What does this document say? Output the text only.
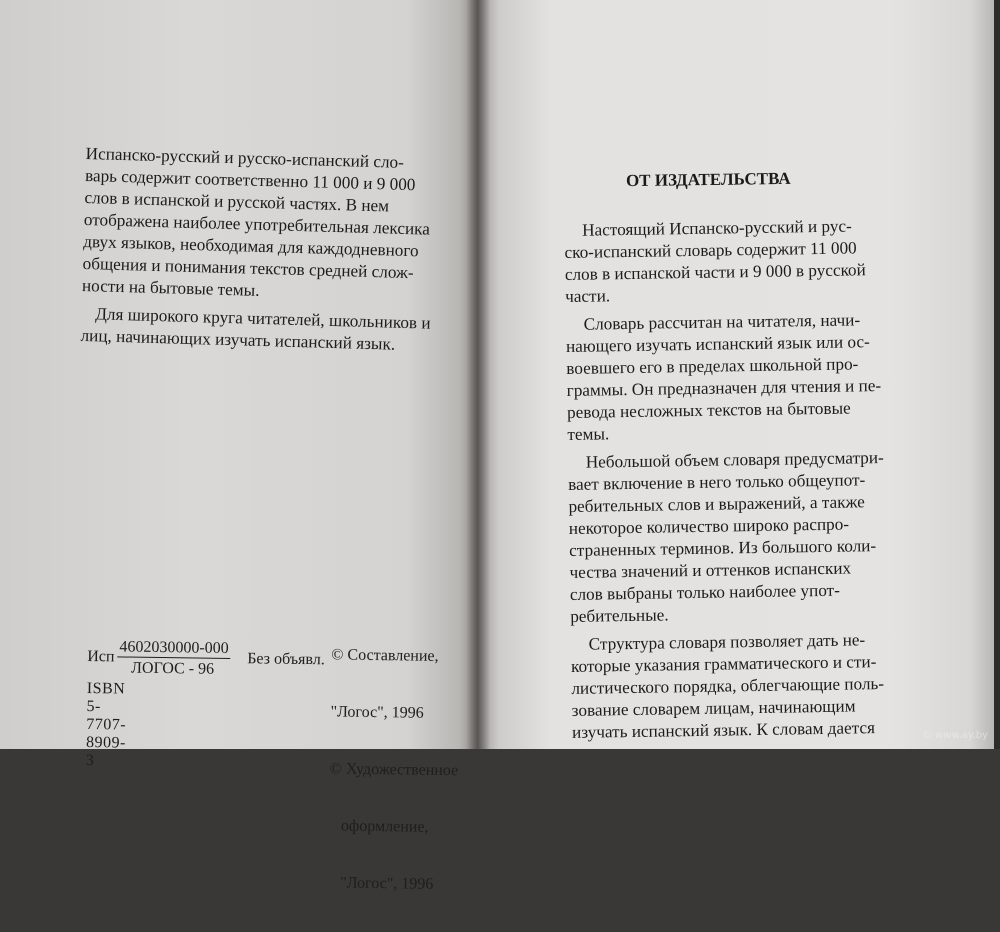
Испанско-русский и русско-испанский сло-
варь содержит соответственно 11 000 и 9 000
слов в испанской и русской частях. В нем
отображена наиболее употребительная лексика
двух языков, необходимая для каждодневного
общения и понимания текстов средней слож-
ности на бытовые темы.
Для широкого круга читателей, школьников и
лиц, начинающих изучать испанский язык.
Исп 4602030000-000
ЛОГОС - 96
Без объявл.
ISBN 5-7707-8909-3

© Составление,

"Логос", 1996

© Художественное

оформление,

"Логос", 1996

ОТ ИЗДАТЕЛЬСТВА
Настоящий Испанско-русский и рус-
ско-испанский словарь содержит 11 000
слов в испанской части и 9 000 в русской
части.
Словарь рассчитан на читателя, начи-
нающего изучать испанский язык или ос-
воевшего его в пределах школьной про-
граммы. Он предназначен для чтения и пе-
ревода несложных текстов на бытовые
темы.
Небольшой объем словаря предусматри-
вает включение в него только общеупот-
ребительных слов и выражений, а также
некоторое количество широко распро-
страненных терминов. Из большого коли-
чества значений и оттенков испанских
слов выбраны только наиболее упот-
ребительные.
Структура словаря позволяет дать не-
которые указания грамматического и сти-
листического порядка, облегчающие поль-
зование словарем лицам, начинающим
изучать испанский язык. К словам дается	© www.ay.by
